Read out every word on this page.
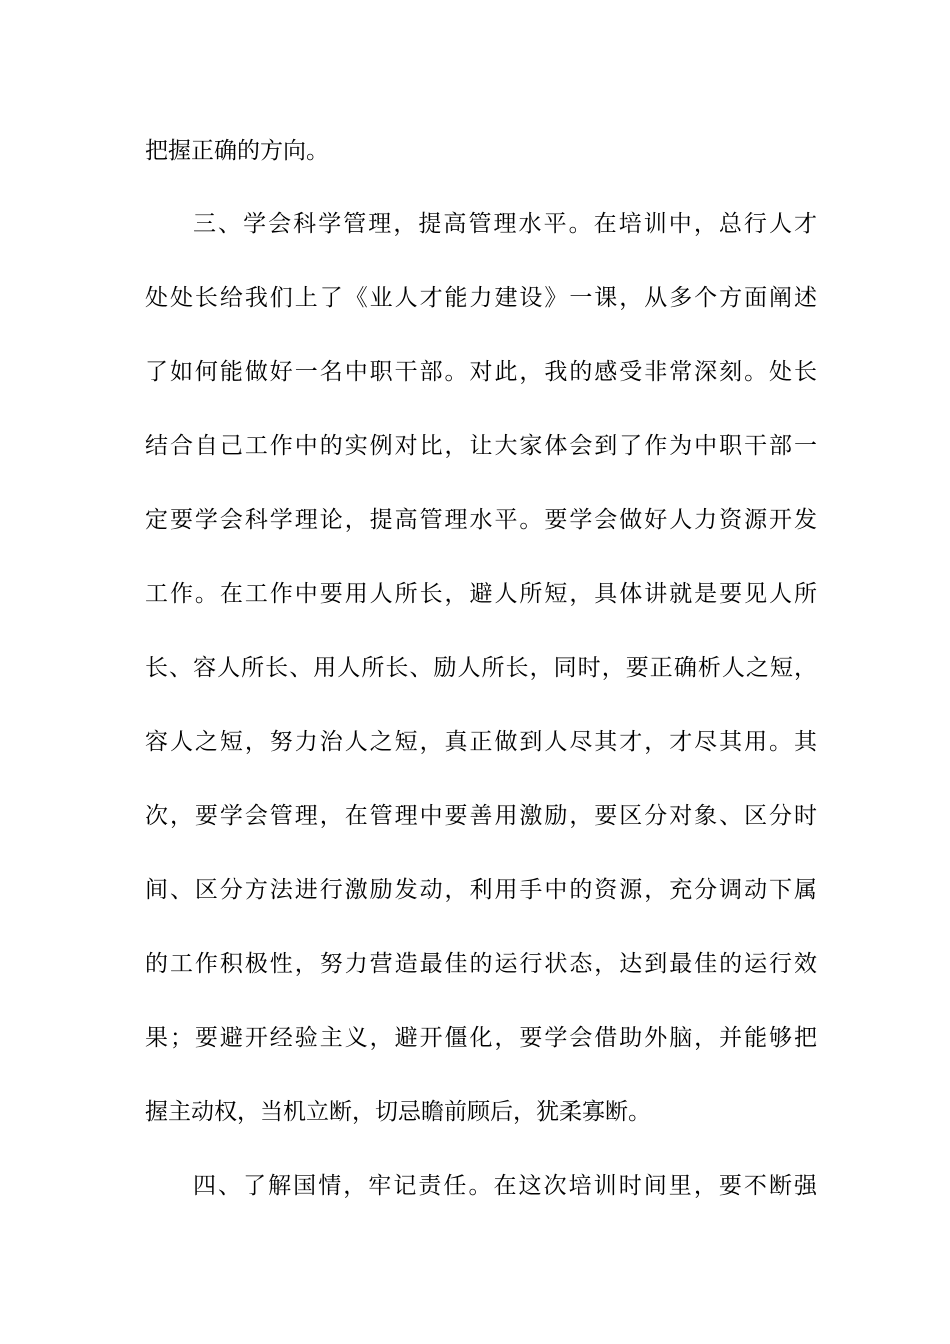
把握正确的方向。
三、学会科学管理，提高管理水平。在培训中，总行人才
处处长给我们上了《业人才能力建设》一课，从多个方面阐述
了如何能做好一名中职干部。对此，我的感受非常深刻。处长
结合自己工作中的实例对比，让大家体会到了作为中职干部一
定要学会科学理论，提高管理水平。要学会做好人力资源开发
工作。在工作中要用人所长，避人所短，具体讲就是要见人所
长、容人所长、用人所长、励人所长，同时，要正确析人之短，
容人之短，努力治人之短，真正做到人尽其才，才尽其用。其
次，要学会管理，在管理中要善用激励，要区分对象、区分时
间、区分方法进行激励发动，利用手中的资源，充分调动下属
的工作积极性，努力营造最佳的运行状态，达到最佳的运行效
果；要避开经验主义，避开僵化，要学会借助外脑，并能够把
握主动权，当机立断，切忌瞻前顾后，犹柔寡断。
四、了解国情，牢记责任。在这次培训时间里，要不断强
